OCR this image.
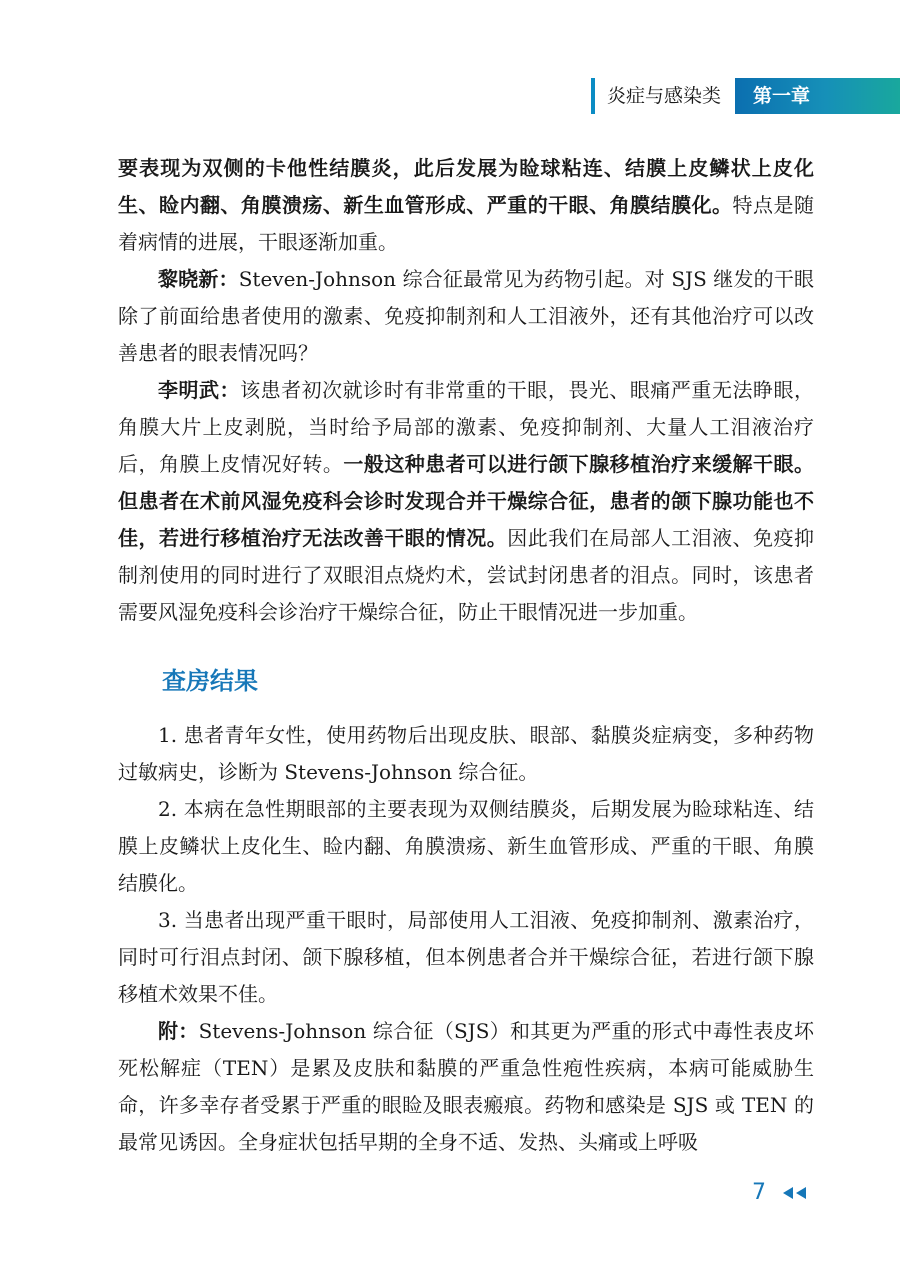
炎症与感染类	第一章

要表现为双侧的卡他性结膜炎，此后发展为睑球粘连、结膜上皮鳞状上皮化生、睑内翻、角膜溃疡、新生血管形成、严重的干眼、角膜结膜化。特点是随着病情的进展，干眼逐渐加重。

黎晓新：Steven-Johnson 综合征最常见为药物引起。对 SJS 继发的干眼除了前面给患者使用的激素、免疫抑制剂和人工泪液外，还有其他治疗可以改善患者的眼表情况吗？

李明武：该患者初次就诊时有非常重的干眼，畏光、眼痛严重无法睁眼，角膜大片上皮剥脱，当时给予局部的激素、免疫抑制剂、大量人工泪液治疗后，角膜上皮情况好转。一般这种患者可以进行颌下腺移植治疗来缓解干眼。但患者在术前风湿免疫科会诊时发现合并干燥综合征，患者的颌下腺功能也不佳，若进行移植治疗无法改善干眼的情况。因此我们在局部人工泪液、免疫抑制剂使用的同时进行了双眼泪点烧灼术，尝试封闭患者的泪点。同时，该患者需要风湿免疫科会诊治疗干燥综合征，防止干眼情况进一步加重。

查房结果

1. 患者青年女性，使用药物后出现皮肤、眼部、黏膜炎症病变，多种药物过敏病史，诊断为 Stevens-Johnson 综合征。

2. 本病在急性期眼部的主要表现为双侧结膜炎，后期发展为睑球粘连、结膜上皮鳞状上皮化生、睑内翻、角膜溃疡、新生血管形成、严重的干眼、角膜结膜化。

3. 当患者出现严重干眼时，局部使用人工泪液、免疫抑制剂、激素治疗，同时可行泪点封闭、颌下腺移植，但本例患者合并干燥综合征，若进行颌下腺移植术效果不佳。

附：Stevens-Johnson 综合征（SJS）和其更为严重的形式中毒性表皮坏死松解症（TEN）是累及皮肤和黏膜的严重急性疱性疾病，本病可能威胁生命，许多幸存者受累于严重的眼睑及眼表瘢痕。药物和感染是 SJS 或 TEN 的最常见诱因。全身症状包括早期的全身不适、发热、头痛或上呼吸

7
